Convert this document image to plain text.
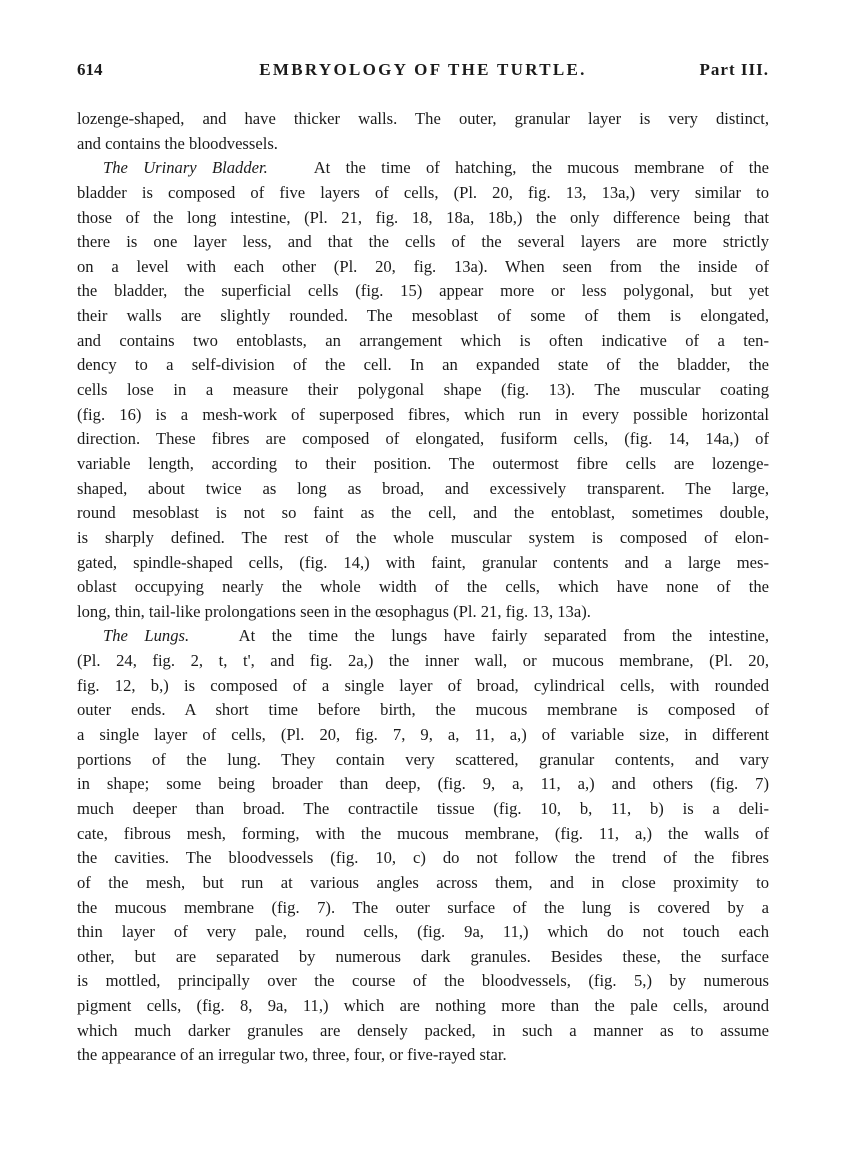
614	EMBRYOLOGY OF THE TURTLE.	Part III.
lozenge-shaped, and have thicker walls. The outer, granular layer is very distinct,
and contains the bloodvessels.
The Urinary Bladder.	At the time of hatching, the mucous membrane of the
bladder is composed of five layers of cells, (Pl. 20, fig. 13, 13a,) very similar to
those of the long intestine, (Pl. 21, fig. 18, 18a, 18b,) the only difference being that
there is one layer less, and that the cells of the several layers are more strictly
on a level with each other (Pl. 20, fig. 13a). When seen from the inside of
the bladder, the superficial cells (fig. 15) appear more or less polygonal, but yet
their walls are slightly rounded. The mesoblast of some of them is elongated,
and contains two entoblasts, an arrangement which is often indicative of a ten-
dency to a self-division of the cell. In an expanded state of the bladder, the
cells lose in a measure their polygonal shape (fig. 13). The muscular coating
(fig. 16) is a mesh-work of superposed fibres, which run in every possible horizontal
direction. These fibres are composed of elongated, fusiform cells, (fig. 14, 14a,) of
variable length, according to their position. The outermost fibre cells are lozenge-
shaped, about twice as long as broad, and excessively transparent. The large,
round mesoblast is not so faint as the cell, and the entoblast, sometimes double,
is sharply defined. The rest of the whole muscular system is composed of elon-
gated, spindle-shaped cells, (fig. 14,) with faint, granular contents and a large mes-
oblast occupying nearly the whole width of the cells, which have none of the
long, thin, tail-like prolongations seen in the œsophagus (Pl. 21, fig. 13, 13a).
The Lungs.	At the time the lungs have fairly separated from the intestine,
(Pl. 24, fig. 2, t, t', and fig. 2a,) the inner wall, or mucous membrane, (Pl. 20,
fig. 12, b,) is composed of a single layer of broad, cylindrical cells, with rounded
outer ends. A short time before birth, the mucous membrane is composed of
a single layer of cells, (Pl. 20, fig. 7, 9, a, 11, a,) of variable size, in different
portions of the lung. They contain very scattered, granular contents, and vary
in shape; some being broader than deep, (fig. 9, a, 11, a,) and others (fig. 7)
much deeper than broad. The contractile tissue (fig. 10, b, 11, b) is a deli-
cate, fibrous mesh, forming, with the mucous membrane, (fig. 11, a,) the walls of
the cavities. The bloodvessels (fig. 10, c) do not follow the trend of the fibres
of the mesh, but run at various angles across them, and in close proximity to
the mucous membrane (fig. 7). The outer surface of the lung is covered by a
thin layer of very pale, round cells, (fig. 9a, 11,) which do not touch each
other, but are separated by numerous dark granules. Besides these, the surface
is mottled, principally over the course of the bloodvessels, (fig. 5,) by numerous
pigment cells, (fig. 8, 9a, 11,) which are nothing more than the pale cells, around
which much darker granules are densely packed, in such a manner as to assume
the appearance of an irregular two, three, four, or five-rayed star.
